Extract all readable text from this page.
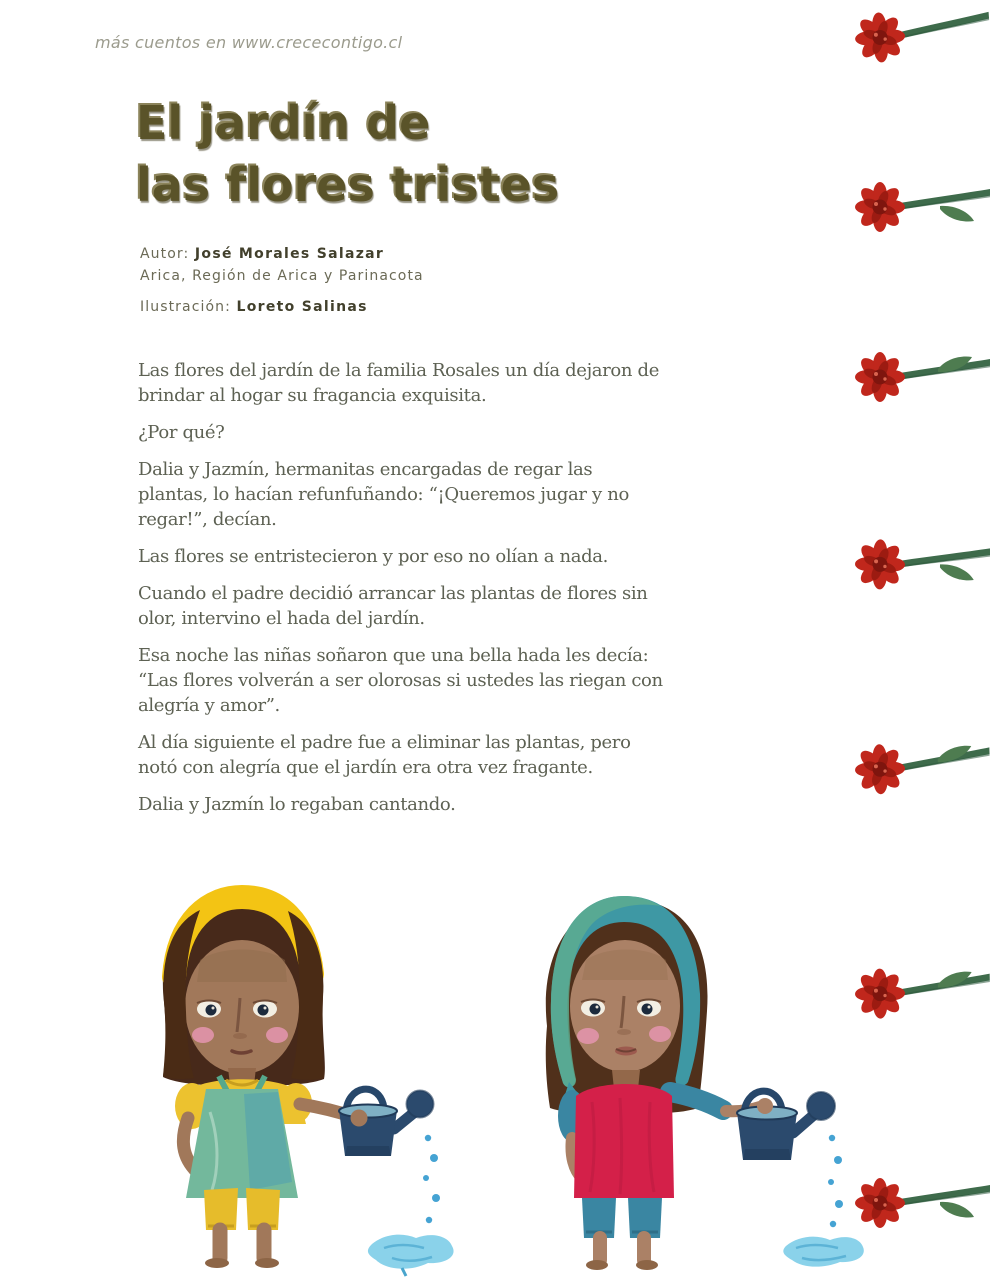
más cuentos en www.crececontigo.cl
El jardín de
las flores tristes
Autor: José Morales Salazar
Arica, Región de Arica y Parinacota
Ilustración: Loreto Salinas

Las flores del jardín de la familia Rosales un día dejaron de brindar al hogar su fragancia exquisita.

¿Por qué?

Dalia y Jazmín, hermanitas encargadas de regar las plantas, lo hacían refunfuñando: “¡Queremos jugar y no regar!”, decían.

Las flores se entristecieron y por eso no olían a nada.

Cuando el padre decidió arrancar las plantas de flores sin olor, intervino el hada del jardín.

Esa noche las niñas soñaron que una bella hada les decía: “Las flores volverán a ser olorosas si ustedes las riegan con alegría y amor”.

Al día siguiente el padre fue a eliminar las plantas, pero notó con alegría que el jardín era otra vez fragante.

Dalia y Jazmín lo regaban cantando.
